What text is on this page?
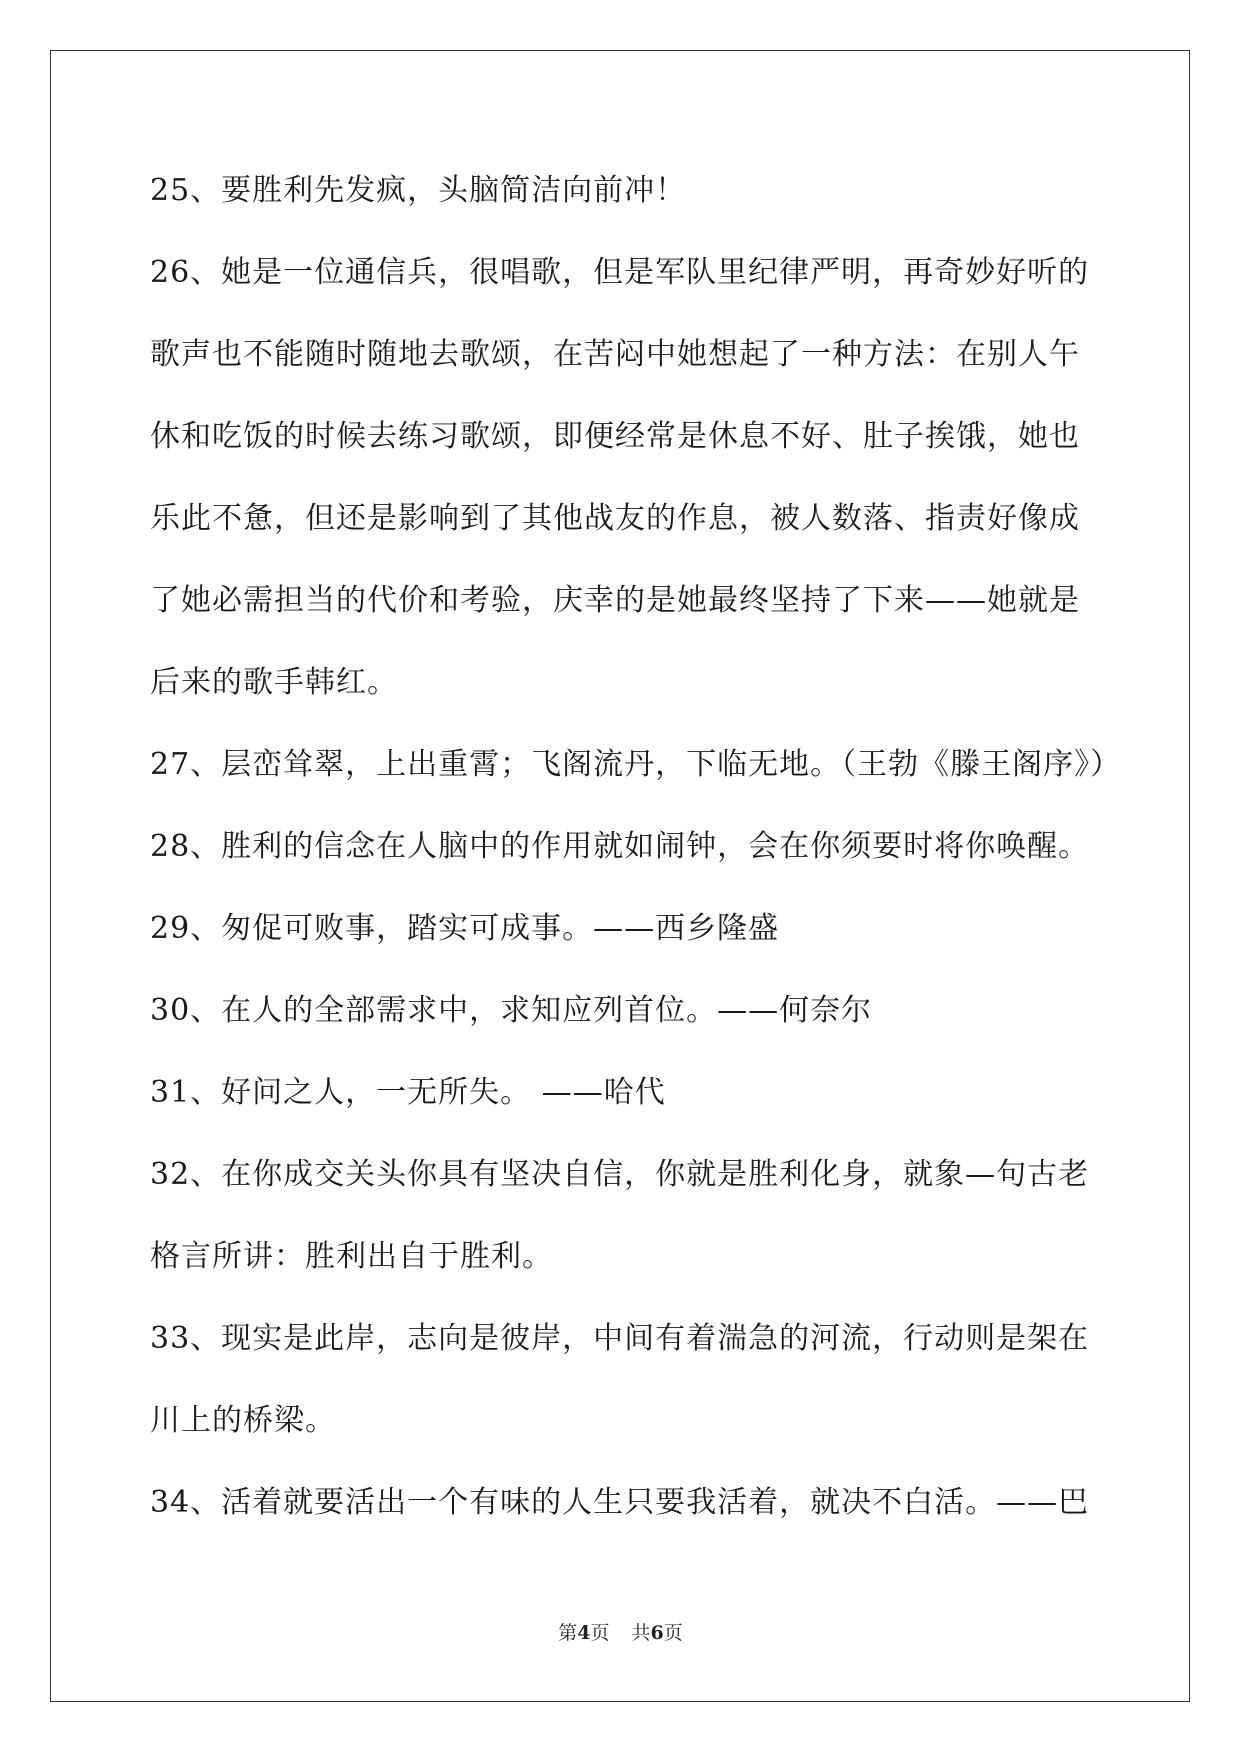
25、要胜利先发疯，头脑简洁向前冲！
26、她是一位通信兵，很唱歌，但是军队里纪律严明，再奇妙好听的
歌声也不能随时随地去歌颂，在苦闷中她想起了一种方法：在别人午
休和吃饭的时候去练习歌颂，即便经常是休息不好、肚子挨饿，她也
乐此不惫，但还是影响到了其他战友的作息，被人数落、指责好像成
了她必需担当的代价和考验，庆幸的是她最终坚持了下来——她就是
后来的歌手韩红。
27、层峦耸翠，上出重霄；飞阁流丹，下临无地。（王勃《滕王阁序》）
28、胜利的信念在人脑中的作用就如闹钟，会在你须要时将你唤醒。
29、匆促可败事，踏实可成事。——西乡隆盛
30、在人的全部需求中，求知应列首位。——何奈尔
31、好问之人，一无所失。 ——哈代
32、在你成交关头你具有坚决自信，你就是胜利化身，就象—句古老
格言所讲：胜利出自于胜利。
33、现实是此岸，志向是彼岸，中间有着湍急的河流，行动则是架在
川上的桥梁。
34、活着就要活出一个有味的人生只要我活着，就决不白活。——巴
第4页 共6页
